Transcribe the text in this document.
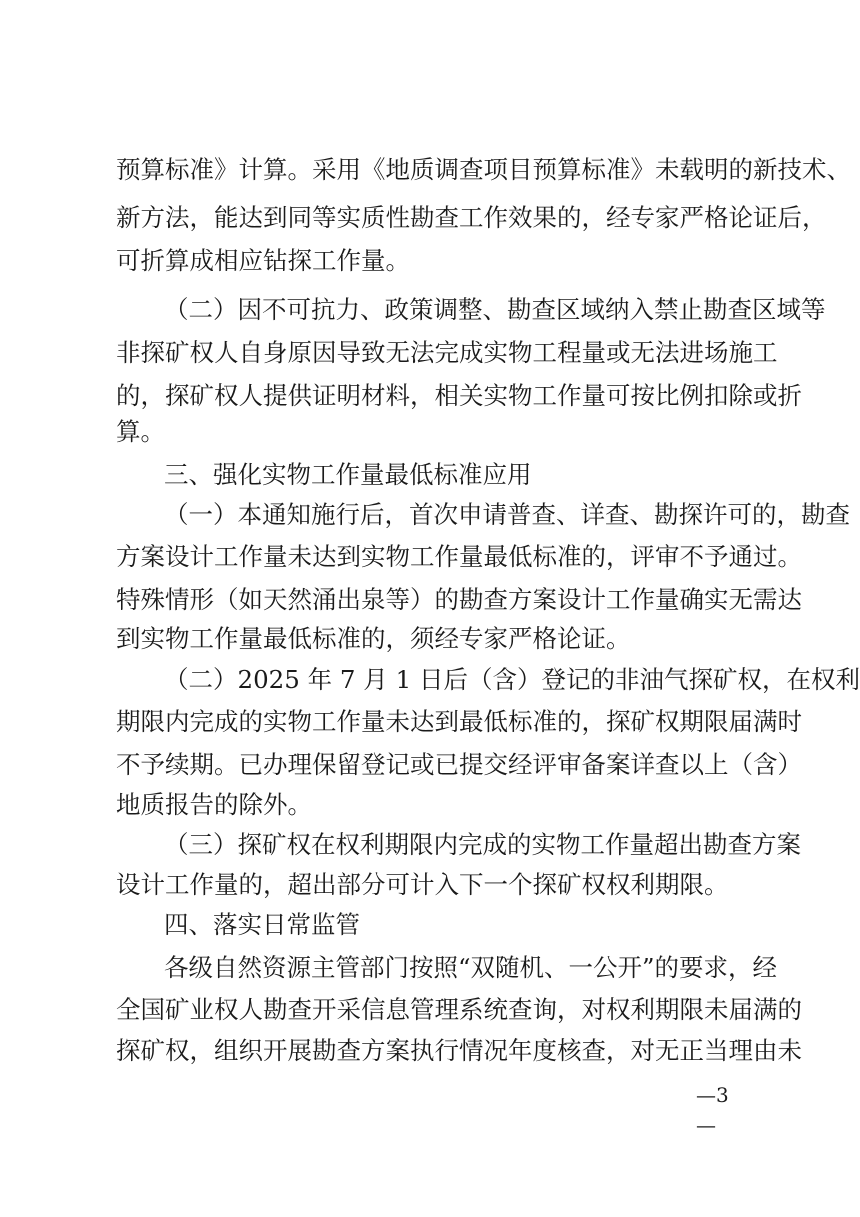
预算标准》计算。采用《地质调查项目预算标准》未载明的新技术、
新方法，能达到同等实质性勘查工作效果的，经专家严格论证后，
可折算成相应钻探工作量。
（二）因不可抗力、政策调整、勘查区域纳入禁止勘查区域等
非探矿权人自身原因导致无法完成实物工程量或无法进场施工
的，探矿权人提供证明材料，相关实物工作量可按比例扣除或折
算。
三、强化实物工作量最低标准应用
（一）本通知施行后，首次申请普查、详查、勘探许可的，勘查
方案设计工作量未达到实物工作量最低标准的，评审不予通过。
特殊情形（如天然涌出泉等）的勘查方案设计工作量确实无需达
到实物工作量最低标准的，须经专家严格论证。
（二）2025 年 7 月 1 日后（含）登记的非油气探矿权，在权利
期限内完成的实物工作量未达到最低标准的，探矿权期限届满时
不予续期。已办理保留登记或已提交经评审备案详查以上（含）
地质报告的除外。
（三）探矿权在权利期限内完成的实物工作量超出勘查方案
设计工作量的，超出部分可计入下一个探矿权权利期限。
四、落实日常监管
各级自然资源主管部门按照“双随机、一公开”的要求，经
全国矿业权人勘查开采信息管理系统查询，对权利期限未届满的
探矿权，组织开展勘查方案执行情况年度核查，对无正当理由未
—3—
